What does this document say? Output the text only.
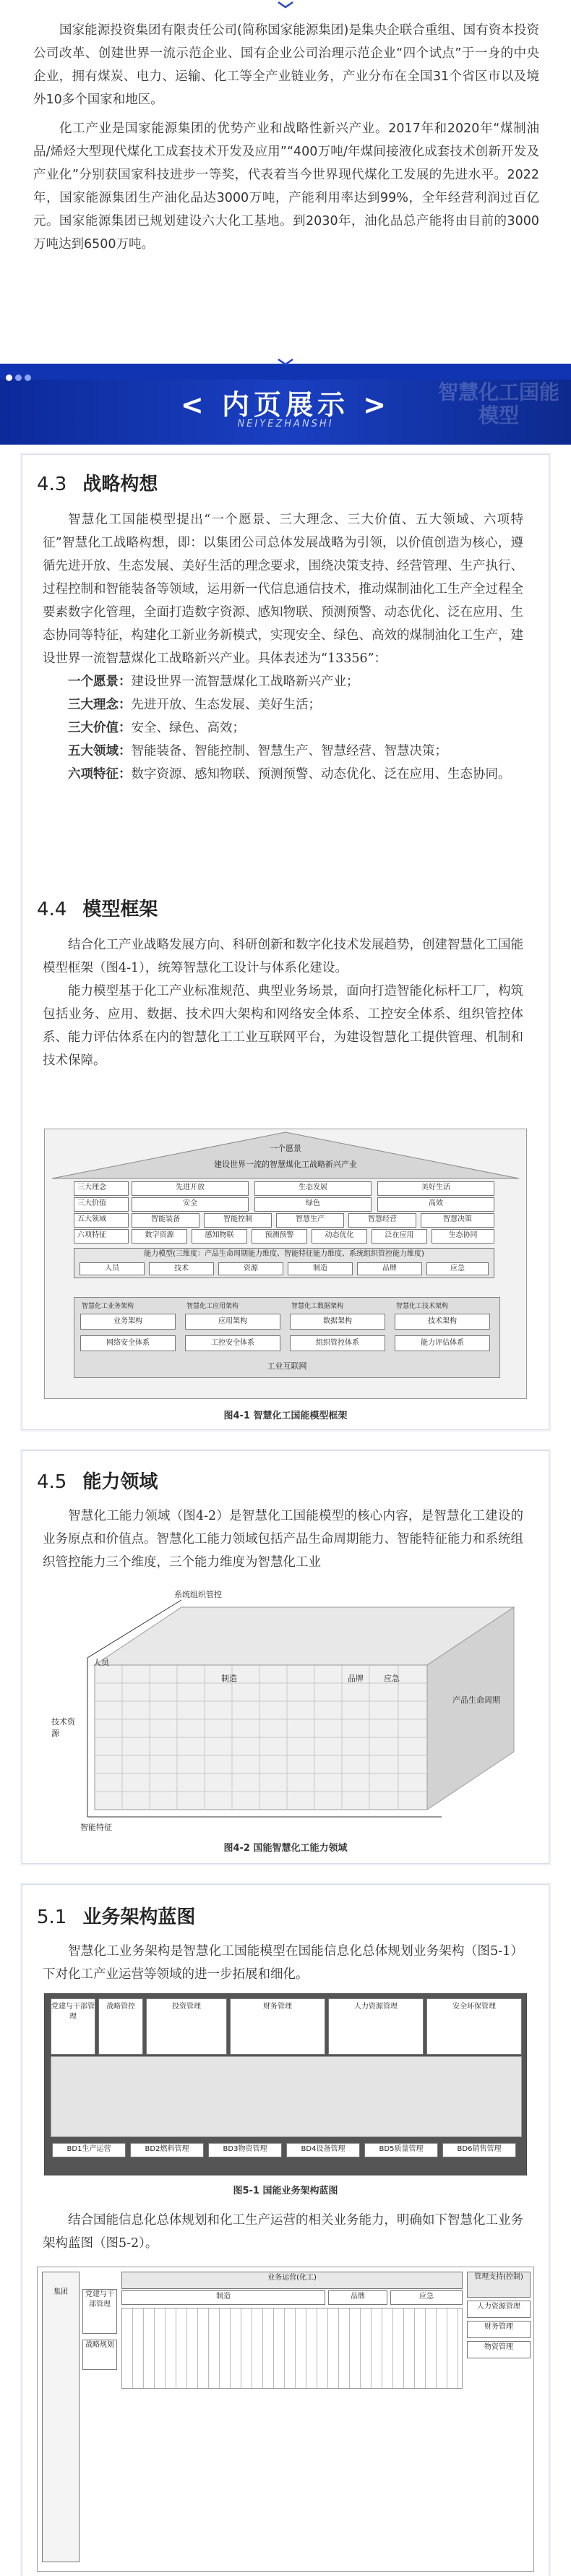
国家能源投资集团有限责任公司(简称国家能源集团)是集央企联合重组、国有资本投资公司改革、创建世界一流示范企业、国有企业公司治理示范企业“四个试点”于一身的中央企业，拥有煤炭、电力、运输、化工等全产业链业务，产业分布在全国31个省区市以及境外10多个国家和地区。

化工产业是国家能源集团的优势产业和战略性新兴产业。2017年和2020年“煤制油品/烯烃大型现代煤化工成套技术开发及应用”“400万吨/年煤间接液化成套技术创新开发及产业化”分别获国家科技进步一等奖，代表着当今世界现代煤化工发展的先进水平。2022年，国家能源集团生产油化品达3000万吨，产能利用率达到99%，全年经营利润过百亿元。国家能源集团已规划建设六大化工基地。到2030年，油化品总产能将由目前的3000万吨达到6500万吨。

智慧化工国能模型
< 内页展示 >
NEIYEZHANSHI
4.3 战略构想

智慧化工国能模型提出“一个愿景、三大理念、三大价值、五大领域、六项特征”智慧化工战略构想，即：以集团公司总体发展战略为引领，以价值创造为核心，遵循先进开放、生态发展、美好生活的理念要求，围绕决策支持、经营管理、生产执行、过程控制和智能装备等领域，运用新一代信息通信技术，推动煤制油化工生产全过程全要素数字化管理，全面打造数字资源、感知物联、预测预警、动态优化、泛在应用、生态协同等特征，构建化工新业务新模式，实现安全、绿色、高效的煤制油化工生产，建设世界一流智慧煤化工战略新兴产业。具体表述为“13356”：

一个愿景：建设世界一流智慧煤化工战略新兴产业；
三大理念：先进开放、生态发展、美好生活；
三大价值：安全、绿色、高效；
五大领域：智能装备、智能控制、智慧生产、智慧经营、智慧决策；
六项特征：数字资源、感知物联、预测预警、动态优化、泛在应用、生态协同。
4.4 模型框架

结合化工产业战略发展方向、科研创新和数字化技术发展趋势，创建智慧化工国能模型框架（图4-1），统筹智慧化工设计与体系化建设。

能力模型基于化工产业标准规范、典型业务场景，面向打造智能化标杆工厂，构筑包括业务、应用、数据、技术四大架构和网络安全体系、工控安全体系、组织管控体系、能力评估体系在内的智慧化工工业互联网平台，为建设智慧化工提供管理、机制和技术保障。

一个愿景
建设世界一流的智慧煤化工战略新兴产业
三大理念	先进开放	生态发展	美好生活
三大价值	安全	绿色	高效
五大领域	智能装备	智能控制	智慧生产	智慧经营	智慧决策
六项特征	数字资源	感知物联	预测预警	动态优化	泛在应用	生态协同
能力模型(三维度：产品生命周期能力维度、智能特征能力维度、系统组织管控能力维度)
人员	技术	资源	制造	品牌	应急
智慧化工业务架构	智慧化工应用架构	智慧化工数据架构	智慧化工技术架构
业务架构	应用架构	数据架构	技术架构
网络安全体系	工控安全体系	组织管控体系	能力评估体系
工业互联网
图4-1 智慧化工国能模型框架
4.5 能力领域

智慧化工能力领域（图4-2）是智慧化工国能模型的核心内容，是智慧化工建设的业务原点和价值点。智慧化工能力领域包括产品生命周期能力、智能特征能力和系统组织管控能力三个维度，三个能力维度为智慧化工业

系统组织管控
技术资源
智能特征
产品生命周期
人员
制造	品牌	应急
图4-2 国能智慧化工能力领域
5.1 业务架构蓝图

智慧化工业务架构是智慧化工国能模型在国能信息化总体规划业务架构（图5-1）下对化工产业运营等领域的进一步拓展和细化。

党建与干部管理
战略管控	投资管理	财务管理	人力资源管理	安全环保管理
BD1生产运营	BD2燃料管理	BD3物资管理	BD4设备管理	BD5质量管理	BD6销售管理
图5-1 国能业务架构蓝图

结合国能信息化总体规划和化工生产运营的相关业务能力，明确如下智慧化工业务架构蓝图（图5-2）。

集团	党建与干部管理
战略规划
业务运营(化工)
制造	品牌	应急
管理支持(控制)
人力资源管理
财务管理
物资管理
